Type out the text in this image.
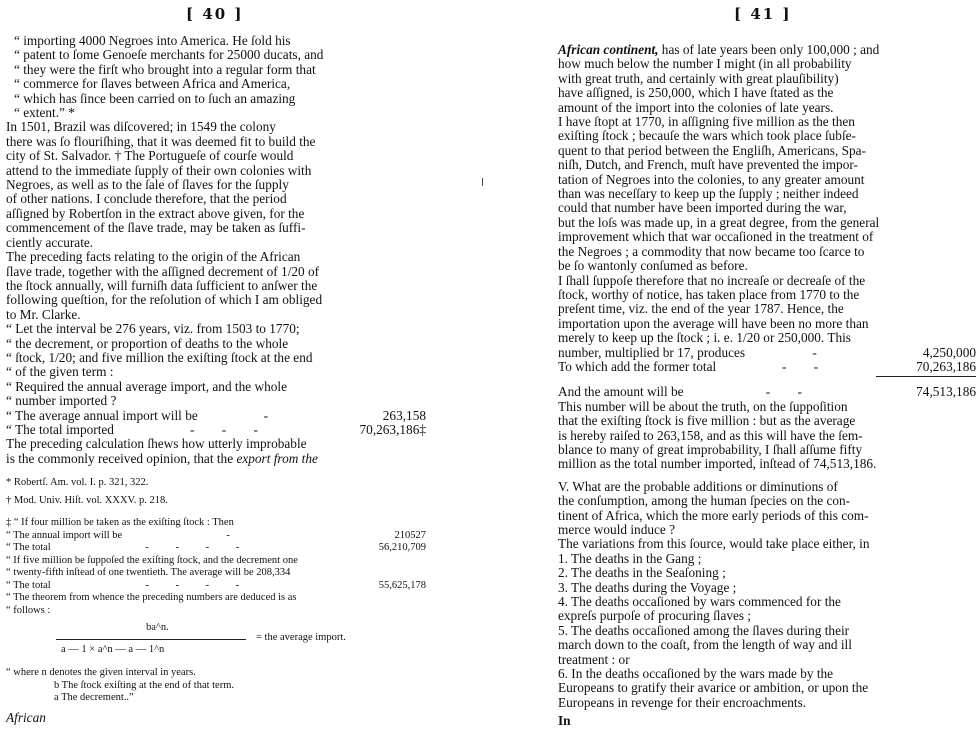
[ 40 ]

“ importing 4000 Negroes into America. He ſold his

“ patent to ſome Genoeſe merchants for 25000 ducats, and

“ they were the firſt who brought into a regular form that

“ commerce for ſlaves between Africa and America,

“ which has ſince been carried on to ſuch an amazing

“ extent.” *

In 1501, Brazil was diſcovered; in 1549 the colony

there was ſo flouriſhing, that it was deemed fit to build the

city of St. Salvador. † The Portugueſe of courſe would

attend to the immediate ſupply of their own colonies with

Negroes, as well as to the ſale of ſlaves for the ſupply

of other nations. I conclude therefore, that the period

aſſigned by Robertſon in the extract above given, for the

commencement of the ſlave trade, may be taken as ſuffi-

ciently accurate.

The preceding facts relating to the origin of the African

ſlave trade, together with the aſſigned decrement of 1/20 of

the ſtock annually, will furniſh data ſufficient to anſwer the

following queſtion, for the reſolution of which I am obliged

to Mr. Clarke.

“ Let the interval be 276 years, viz. from 1503 to 1770;

“ the decrement, or proportion of deaths to the whole

“ ſtock, 1/20; and five million the exiſting ſtock at the end

“ of the given term :

“ Required the annual average import, and the whole

“ number imported ?

“ The average annual import will be	-	263,158
“ The total imported	- - -	70,263,186‡

The preceding calculation ſhews how utterly improbable

is the commonly received opinion, that the export from the

* Robertſ. Am. vol. I. p. 321, 322.

† Mod. Univ. Hiſt. vol. XXXV. p. 218.

‡ “ If four million be taken as the exiſting ſtock : Then

“ The annual import will be	-	210527
“ The total	- - - -	56,210,709

“ If five million be ſuppoſed the exiſting ſtock, and the decrement one

“ twenty-fifth inſtead of one twentieth. The average will be 208,334

“ The total	- - - -	55,625,178

“ The theorem from whence the preceding numbers are deduced is as

“ follows :

ba^n.
a — 1 × a^n — a — 1^n
= the average import.

“ where n denotes the given interval in years.

b The ſtock exiſting at the end of that term.

a The decrement..”

African

[ 41 ]

African continent, has of late years been only 100,000 ; and

how much below the number I might (in all probability

with great truth, and certainly with great plauſibility)

have aſſigned, is 250,000, which I have ſtated as the

amount of the import into the colonies of late years.

I have ſtopt at 1770, in aſſigning five million as the then

exiſting ſtock ; becauſe the wars which took place ſubſe-

quent to that period between the Engliſh, Americans, Spa-

niſh, Dutch, and French, muſt have prevented the impor-

tation of Negroes into the colonies, to any greater amount

than was neceſſary to keep up the ſupply ; neither indeed

could that number have been imported during the war,

but the loſs was made up, in a great degree, from the general

improvement which that war occaſioned in the treatment of

the Negroes ; a commodity that now became too ſcarce to

be ſo wantonly conſumed as before.

I ſhall ſuppoſe therefore that no increaſe or decreaſe of the

ſtock, worthy of notice, has taken place from 1770 to the

preſent time, viz. the end of the year 1787. Hence, the

importation upon the average will have been no more than

merely to keep up the ſtock ; i. e. 1/20 or 250,000. This

number, multiplied br 17, produces	-	4,250,000
To which add the former total	- -	70,263,186
And the amount will be	- -	74,513,186

This number will be about the truth, on the ſuppoſition

that the exiſting ſtock is five million : but as the average

is hereby raiſed to 263,158, and as this will have the ſem-

blance to many of great improbability, I ſhall aſſume fifty

million as the total number imported, inſtead of 74,513,186.

V. What are the probable additions or diminutions of

the conſumption, among the human ſpecies on the con-

tinent of Africa, which the more early periods of this com-

merce would induce ?

The variations from this ſource, would take place either, in

1. The deaths in the Gang ;

2. The deaths in the Seaſoning ;

3. The deaths during the Voyage ;

4. The deaths occaſioned by wars commenced for the

expreſs purpoſe of procuring ſlaves ;

5. The deaths occaſioned among the ſlaves during their

march down to the coaſt, from the length of way and ill

treatment : or

6. In the deaths occaſioned by the wars made by the

Europeans to gratify their avarice or ambition, or upon the

Europeans in revenge for their encroachments.

In
